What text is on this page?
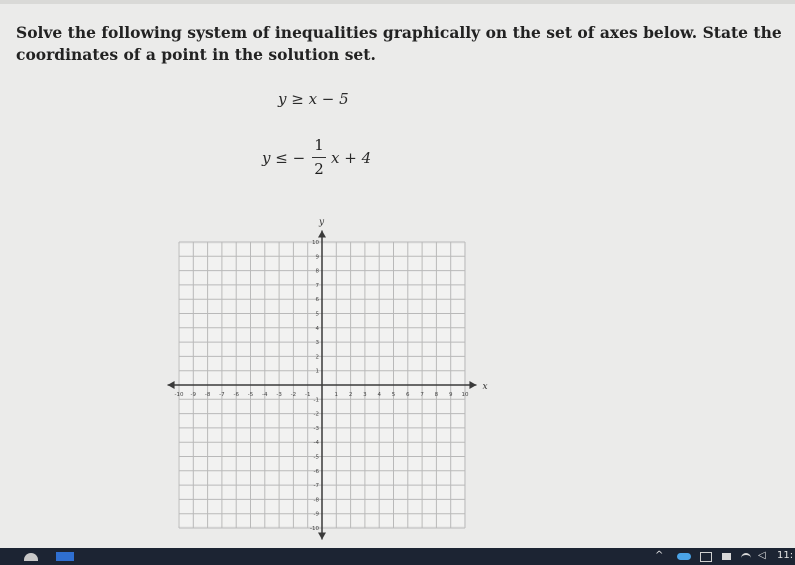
Solve the following system of inequalities graphically on the set of axes below. State the coordinates of a point in the solution set.
y ≥ x − 5
y ≤ −
1
2
x + 4
x
y
-10 -9 -8 -7 -6 -5 -4 -3 -2 -1	1 2 3 4 5 6 7 8 9 10
10
9
8
7
6
5
4
3
2
1
-1
-2
-3
-4
-5
-6
-7
-8
-9
-10
^	◁ 11:
